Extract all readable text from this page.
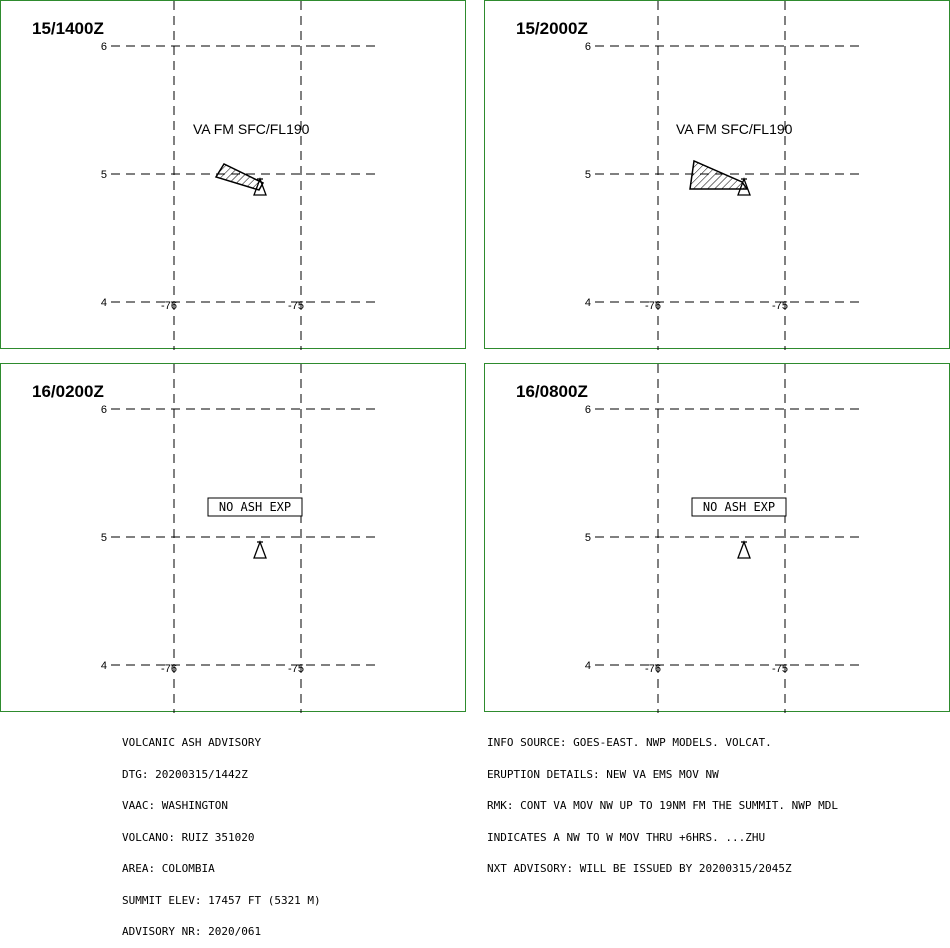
15/1400Z
6
5
4	-76	-75
VA FM SFC/FL190
15/2000Z
6
5
4	-76	-75
VA FM SFC/FL190
16/0200Z
6
5
4	-76	-75
NO ASH EXP
16/0800Z
6
5
4	-76	-75
NO ASH EXP

VOLCANIC ASH ADVISORY

DTG: 20200315/1442Z

VAAC: WASHINGTON

VOLCANO: RUIZ 351020

AREA: COLOMBIA

SUMMIT ELEV: 17457 FT (5321 M)

ADVISORY NR: 2020/061

INFO SOURCE: GOES-EAST. NWP MODELS. VOLCAT.

ERUPTION DETAILS: NEW VA EMS MOV NW

RMK: CONT VA MOV NW UP TO 19NM FM THE SUMMIT. NWP MDL

INDICATES A NW TO W MOV THRU +6HRS. ...ZHU

NXT ADVISORY: WILL BE ISSUED BY 20200315/2045Z
